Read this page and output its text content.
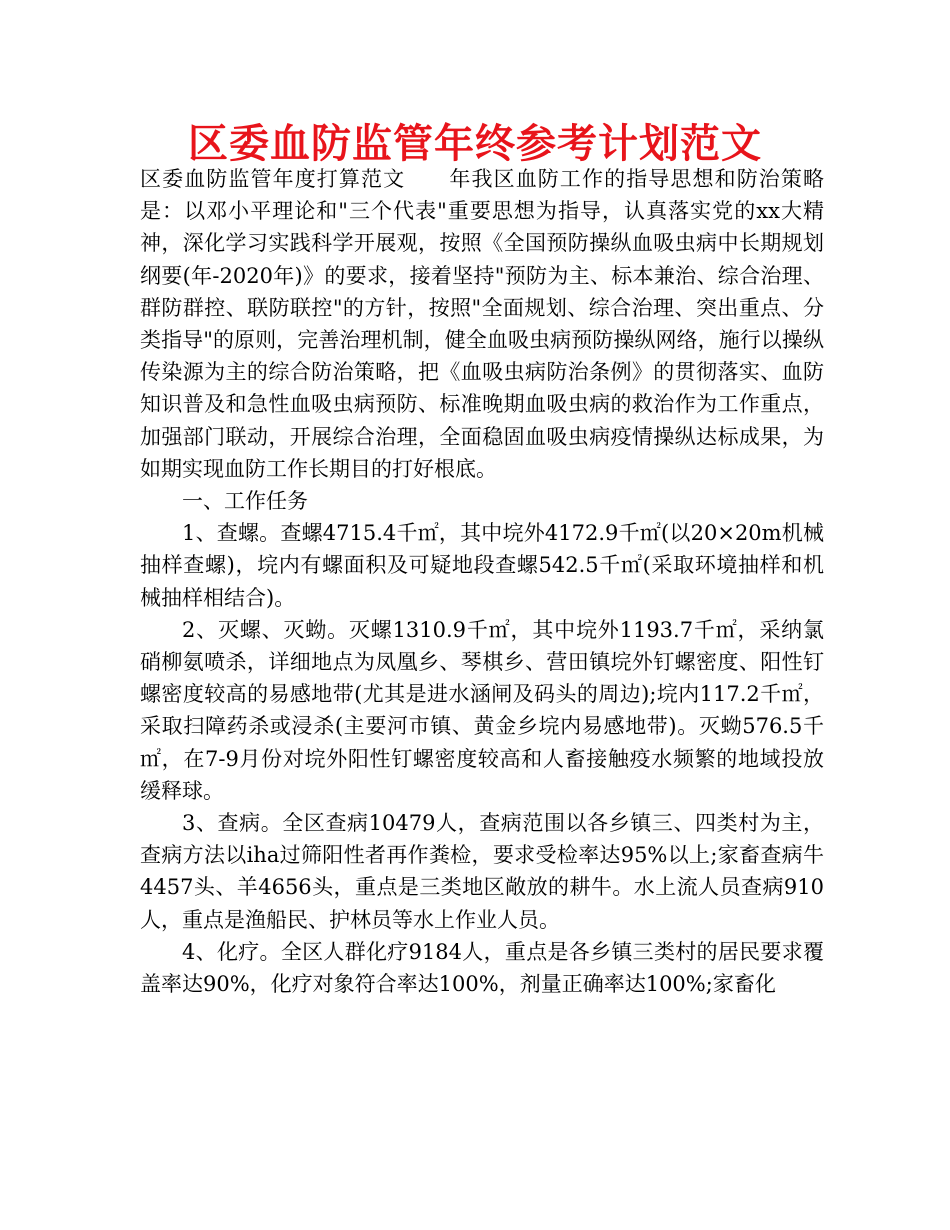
区委血防监管年终参考计划范文

区委血防监管年度打算范文　　年我区血防工作的指导思想和防治策略是：以邓小平理论和"三个代表"重要思想为指导，认真落实党的xx大精神，深化学习实践科学开展观，按照《全国预防操纵血吸虫病中长期规划纲要(年-2020年)》的要求，接着坚持"预防为主、标本兼治、综合治理、群防群控、联防联控"的方针，按照"全面规划、综合治理、突出重点、分类指导"的原则，完善治理机制，健全血吸虫病预防操纵网络，施行以操纵传染源为主的综合防治策略，把《血吸虫病防治条例》的贯彻落实、血防知识普及和急性血吸虫病预防、标准晚期血吸虫病的救治作为工作重点，加强部门联动，开展综合治理，全面稳固血吸虫病疫情操纵达标成果，为如期实现血防工作长期目的打好根底。

一、工作任务

1、查螺。查螺4715.4千㎡，其中垸外4172.9千㎡(以20×20m机械抽样查螺)，垸内有螺面积及可疑地段查螺542.5千㎡(采取环境抽样和机械抽样相结合)。

2、灭螺、灭蚴。灭螺1310.9千㎡，其中垸外1193.7千㎡，采纳氯硝柳氨喷杀，详细地点为凤凰乡、琴棋乡、营田镇垸外钉螺密度、阳性钉螺密度较高的易感地带(尤其是进水涵闸及码头的周边);垸内117.2千㎡，采取扫障药杀或浸杀(主要河市镇、黄金乡垸内易感地带)。灭蚴576.5千㎡，在7-9月份对垸外阳性钉螺密度较高和人畜接触疫水频繁的地域投放缓释球。

3、查病。全区查病10479人，查病范围以各乡镇三、四类村为主，查病方法以iha过筛阳性者再作粪检，要求受检率达95%以上;家畜查病牛4457头、羊4656头，重点是三类地区敞放的耕牛。水上流人员查病910人，重点是渔船民、护林员等水上作业人员。

4、化疗。全区人群化疗9184人，重点是各乡镇三类村的居民要求覆盖率达90%，化疗对象符合率达100%，剂量正确率达100%;家畜化
